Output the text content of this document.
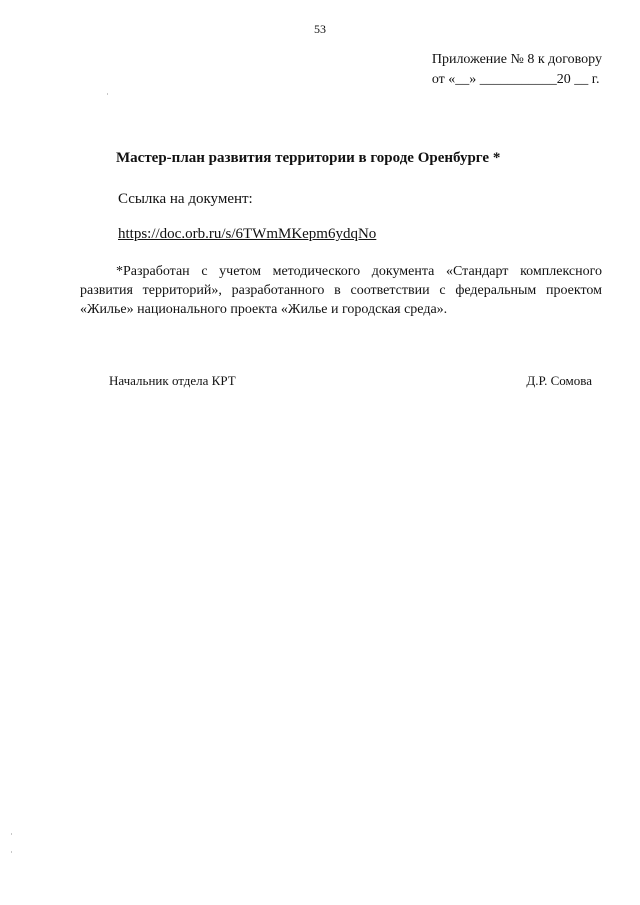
53
Приложение № 8 к договору
от «__» ___________20 __ г.
Мастер-план развития территории в городе Оренбурге *
Ссылка на документ:
https://doc.orb.ru/s/6TWmMKepm6ydqNo
*Разработан с учетом методического документа «Стандарт комплексного
развития территорий», разработанного в соответствии с федеральным проектом
«Жилье» национального проекта «Жилье и городская среда».
Начальник отдела КРТ	Д.Р. Сомова
